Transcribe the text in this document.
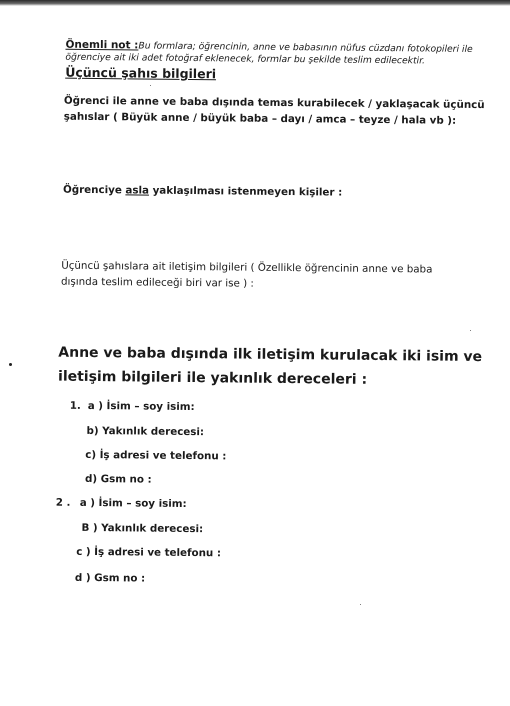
Önemli not :Bu formlara; öğrencinin, anne ve babasının nüfus cüzdanı fotokopileri ile
öğrenciye ait iki adet fotoğraf eklenecek, formlar bu şekilde teslim edilecektir.
Üçüncü şahıs bilgileri
Öğrenci ile anne ve baba dışında temas kurabilecek / yaklaşacak üçüncü
şahıslar ( Büyük anne / büyük baba – dayı / amca – teyze / hala vb ):
Öğrenciye asla yaklaşılması istenmeyen kişiler :
Üçüncü şahıslara ait iletişim bilgileri ( Özellikle öğrencinin anne ve baba
dışında teslim edileceği biri var ise ) :
Anne ve baba dışında ilk iletişim kurulacak iki isim ve
iletişim bilgileri ile yakınlık dereceleri :
1. a ) İsim – soy isim:
b) Yakınlık derecesi:
c) İş adresi ve telefonu :
d) Gsm no :
2 . a ) İsim – soy isim:
B ) Yakınlık derecesi:
c ) İş adresi ve telefonu :
d ) Gsm no :
